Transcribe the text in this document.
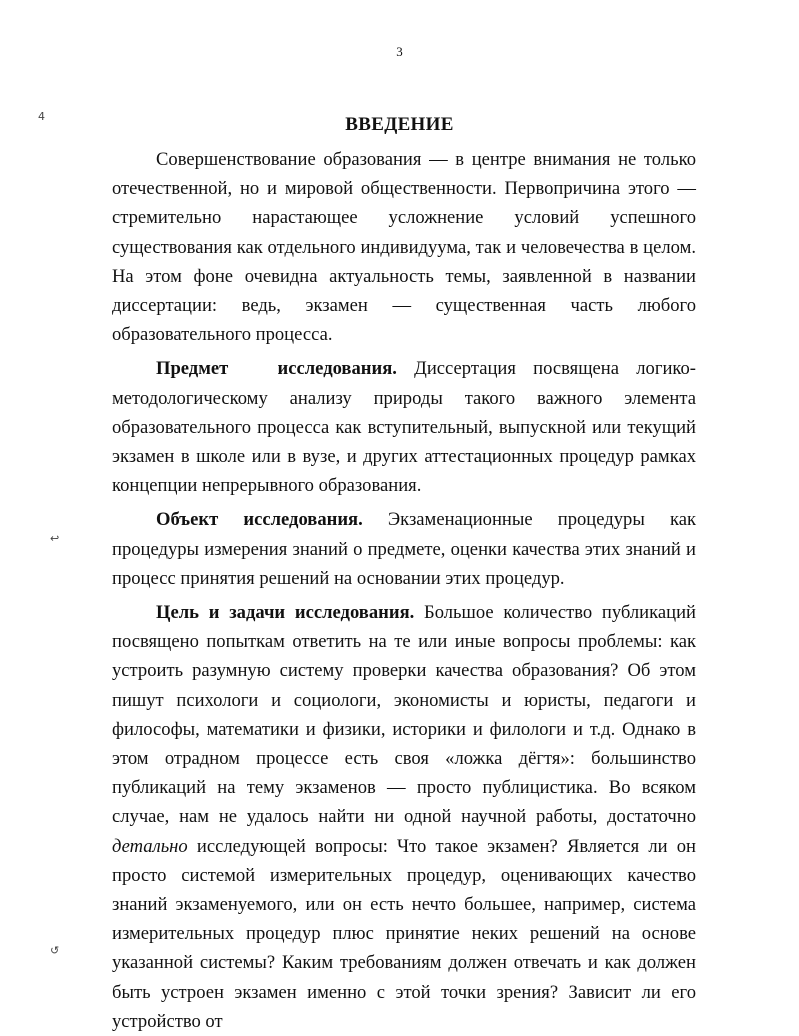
3
4
↩
↺
ВВЕДЕНИЕ

Совершенствование образования — в центре внимания не только отечественной, но и мировой общественности. Первопричина этого — стремительно нарастающее усложнение условий успешного существования как отдельного индивидуума, так и человечества в целом. На этом фоне очевидна актуальность темы, заявленной в названии диссертации: ведь, экзамен — существенная часть любого образовательного процесса.

Предмет исследования. Диссертация посвящена логико-методологическому анализу природы такого важного элемента образовательного процесса как вступительный, выпускной или текущий экзамен в школе или в вузе, и других аттестационных процедур рамках концепции непрерывного образования.

Объект исследования. Экзаменационные процедуры как процедуры измерения знаний о предмете, оценки качества этих знаний и процесс принятия решений на основании этих процедур.

Цель и задачи исследования. Большое количество публикаций посвящено попыткам ответить на те или иные вопросы проблемы: как устроить разумную систему проверки качества образования? Об этом пишут психологи и социологи, экономисты и юристы, педагоги и философы, математики и физики, историки и филологи и т.д. Однако в этом отрадном процессе есть своя «ложка дёгтя»: большинство публикаций на тему экзаменов — просто публицистика. Во всяком случае, нам не удалось найти ни одной научной работы, достаточно детально исследующей вопросы: Что такое экзамен? Является ли он просто системой измерительных процедур, оценивающих качество знаний экзаменуемого, или он есть нечто большее, например, система измерительных процедур плюс принятие неких решений на основе указанной системы? Каким требованиям должен отвечать и как должен быть устроен экзамен именно с этой точки зрения? Зависит ли его устройство от
